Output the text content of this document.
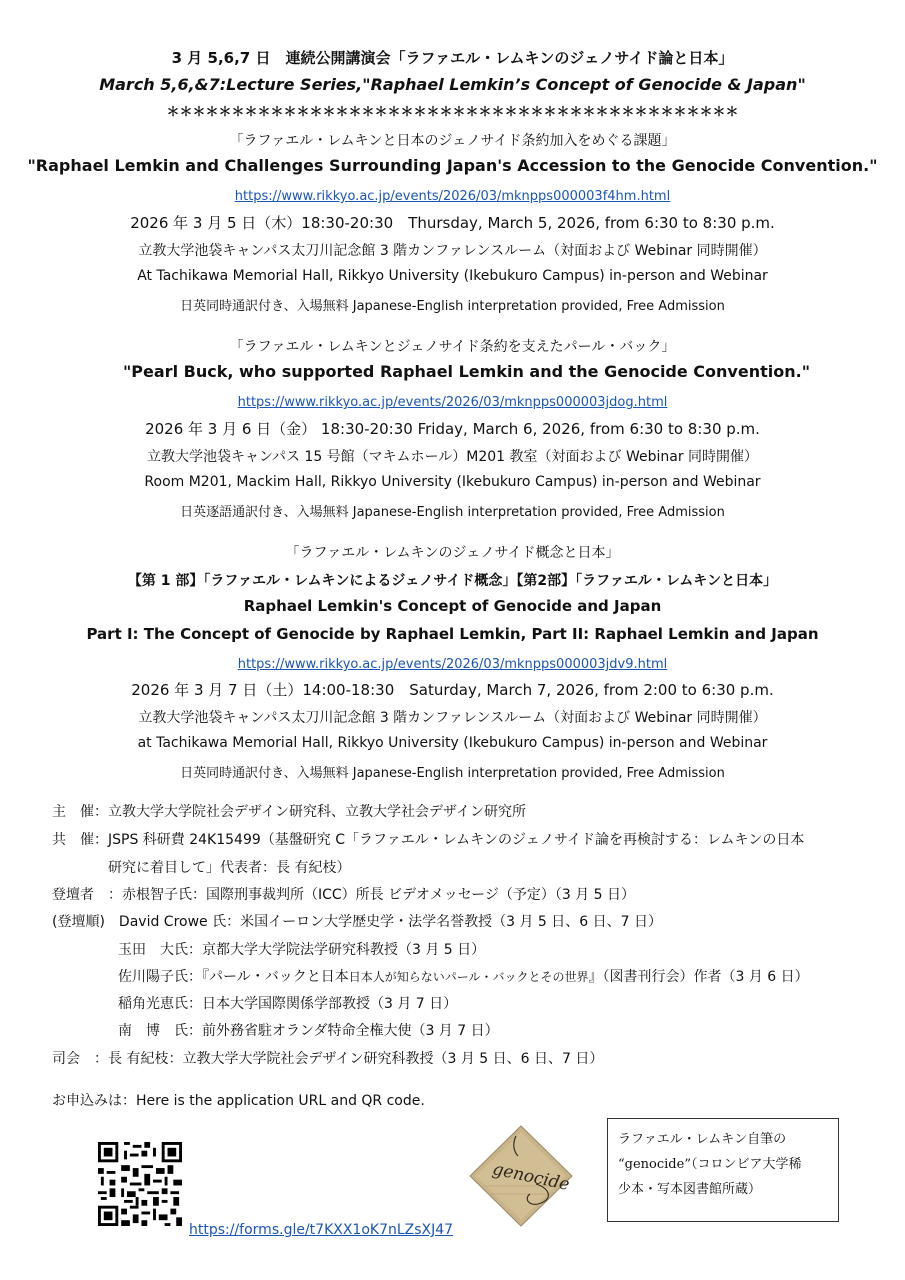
3 月 5,6,7 日　連続公開講演会「ラファエル・レムキンのジェノサイド論と日本」
March 5,6,&7:Lecture Series,"Raphael Lemkin’s Concept of Genocide & Japan"
＊＊＊＊＊＊＊＊＊＊＊＊＊＊＊＊＊＊＊＊＊＊＊＊＊＊＊＊＊＊＊＊＊＊＊＊＊＊＊＊＊＊＊＊
「ラファエル・レムキンと日本のジェノサイド条約加入をめぐる課題」
"Raphael Lemkin and Challenges Surrounding Japan's Accession to the Genocide Convention."
https://www.rikkyo.ac.jp/events/2026/03/mknpps000003f4hm.html
2026 年 3 月 5 日（木）18:30-20:30　Thursday, March 5, 2026, from 6:30 to 8:30 p.m.
立教大学池袋キャンパス太刀川記念館 3 階カンファレンスルーム（対面および Webinar 同時開催）
At Tachikawa Memorial Hall, Rikkyo University (Ikebukuro Campus) in-person and Webinar
日英同時通訳付き、入場無料 Japanese-English interpretation provided, Free Admission
「ラファエル・レムキンとジェノサイド条約を支えたパール・バック」
"Pearl Buck, who supported Raphael Lemkin and the Genocide Convention."
https://www.rikkyo.ac.jp/events/2026/03/mknpps000003jdog.html
2026 年 3 月 6 日（金） 18:30-20:30 Friday, March 6, 2026, from 6:30 to 8:30 p.m.
立教大学池袋キャンパス 15 号館（マキムホール）M201 教室（対面および Webinar 同時開催）
Room M201, Mackim Hall, Rikkyo University (Ikebukuro Campus) in-person and Webinar
日英逐語通訳付き、入場無料 Japanese-English interpretation provided, Free Admission
「ラファエル・レムキンのジェノサイド概念と日本」
【第 1 部】「ラファエル・レムキンによるジェノサイド概念」【第2部】「ラファエル・レムキンと日本」
Raphael Lemkin's Concept of Genocide and Japan
Part I: The Concept of Genocide by Raphael Lemkin, Part II: Raphael Lemkin and Japan
https://www.rikkyo.ac.jp/events/2026/03/mknpps000003jdv9.html
2026 年 3 月 7 日（土）14:00-18:30　Saturday, March 7, 2026, from 2:00 to 6:30 p.m.
立教大学池袋キャンパス太刀川記念館 3 階カンファレンスルーム（対面および Webinar 同時開催）
at Tachikawa Memorial Hall, Rikkyo University (Ikebukuro Campus) in-person and Webinar
日英同時通訳付き、入場無料 Japanese-English interpretation provided, Free Admission
主　催：立教大学大学院社会デザイン研究科、立教大学社会デザイン研究所
共　催：JSPS 科研費 24K15499（基盤研究 C「ラファエル・レムキンのジェノサイド論を再検討する：レムキンの日本
研究に着目して」代表者：長 有紀枝）
登壇者　：赤根智子氏：国際刑事裁判所（ICC）所長 ビデオメッセージ（予定）（3 月 5 日）
(登壇順)　David Crowe 氏：米国イーロン大学歴史学・法学名誉教授（3 月 5 日、6 日、7 日）
玉田　大氏：京都大学大学院法学研究科教授（3 月 5 日）
佐川陽子氏：『パール・バックと日本日本人が知らないパール・バックとその世界』（図書刊行会）作者（3 月 6 日）
稲角光恵氏：日本大学国際関係学部教授（3 月 7 日）
南　博　氏：前外務省駐オランダ特命全権大使（3 月 7 日）
司会　：長 有紀枝：立教大学大学院社会デザイン研究科教授（3 月 5 日、6 日、7 日）
お申込みは：Here is the application URL and QR code.
https://forms.gle/t7KXX1oK7nLZsXJ47
genocide
ラファエル・レムキン自筆の
“genocide”（コロンビア大学稀
少本・写本図書館所蔵）
